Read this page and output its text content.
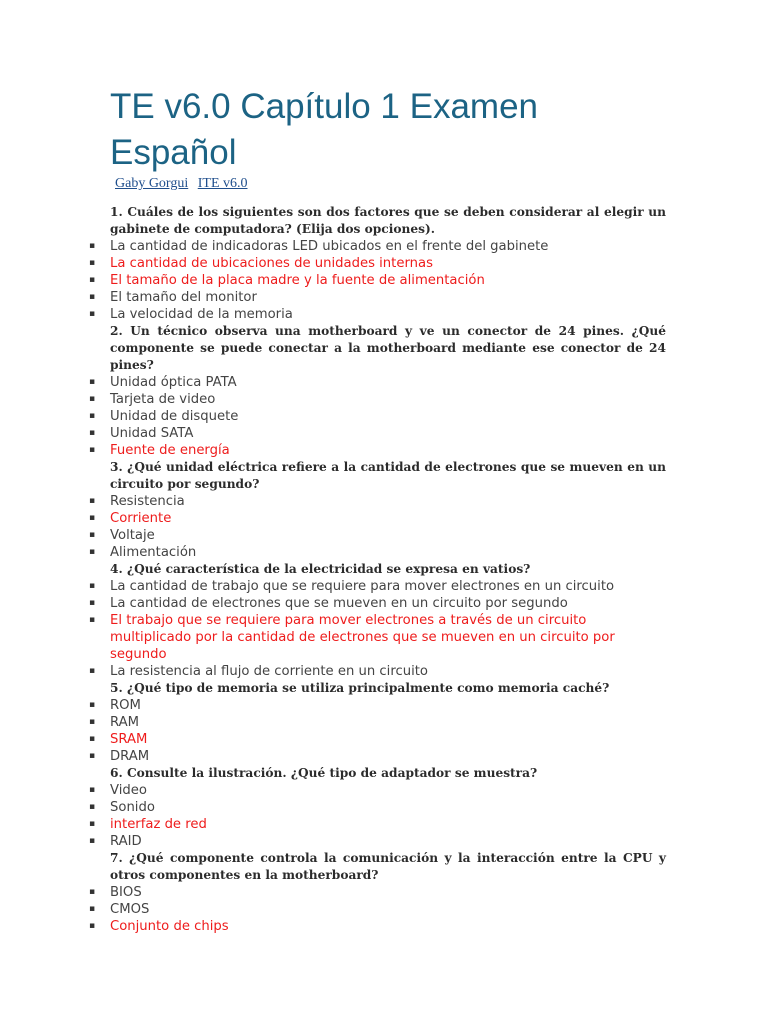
TE v6.0 Capítulo 1 Examen Español
Gaby Gorgui ITE v6.0
1. Cuáles de los siguientes son dos factores que se deben considerar al elegir un gabinete de computadora? (Elija dos opciones).
▪ La cantidad de indicadoras LED ubicados en el frente del gabinete
▪ La cantidad de ubicaciones de unidades internas
▪ El tamaño de la placa madre y la fuente de alimentación
▪ El tamaño del monitor
▪ La velocidad de la memoria
2. Un técnico observa una motherboard y ve un conector de 24 pines. ¿Qué componente se puede conectar a la motherboard mediante ese conector de 24 pines?
▪ Unidad óptica PATA
▪ Tarjeta de video
▪ Unidad de disquete
▪ Unidad SATA
▪ Fuente de energía
3. ¿Qué unidad eléctrica refiere a la cantidad de electrones que se mueven en un circuito por segundo?
▪ Resistencia
▪ Corriente
▪ Voltaje
▪ Alimentación
4. ¿Qué característica de la electricidad se expresa en vatios?
▪ La cantidad de trabajo que se requiere para mover electrones en un circuito
▪ La cantidad de electrones que se mueven en un circuito por segundo
▪ El trabajo que se requiere para mover electrones a través de un circuito multiplicado por la cantidad de electrones que se mueven en un circuito por segundo
▪ La resistencia al flujo de corriente en un circuito
5. ¿Qué tipo de memoria se utiliza principalmente como memoria caché?
▪ ROM
▪ RAM
▪ SRAM
▪ DRAM
6. Consulte la ilustración. ¿Qué tipo de adaptador se muestra?
▪ Video
▪ Sonido
▪ interfaz de red
▪ RAID
7. ¿Qué componente controla la comunicación y la interacción entre la CPU y otros componentes en la motherboard?
▪ BIOS
▪ CMOS
▪ Conjunto de chips
